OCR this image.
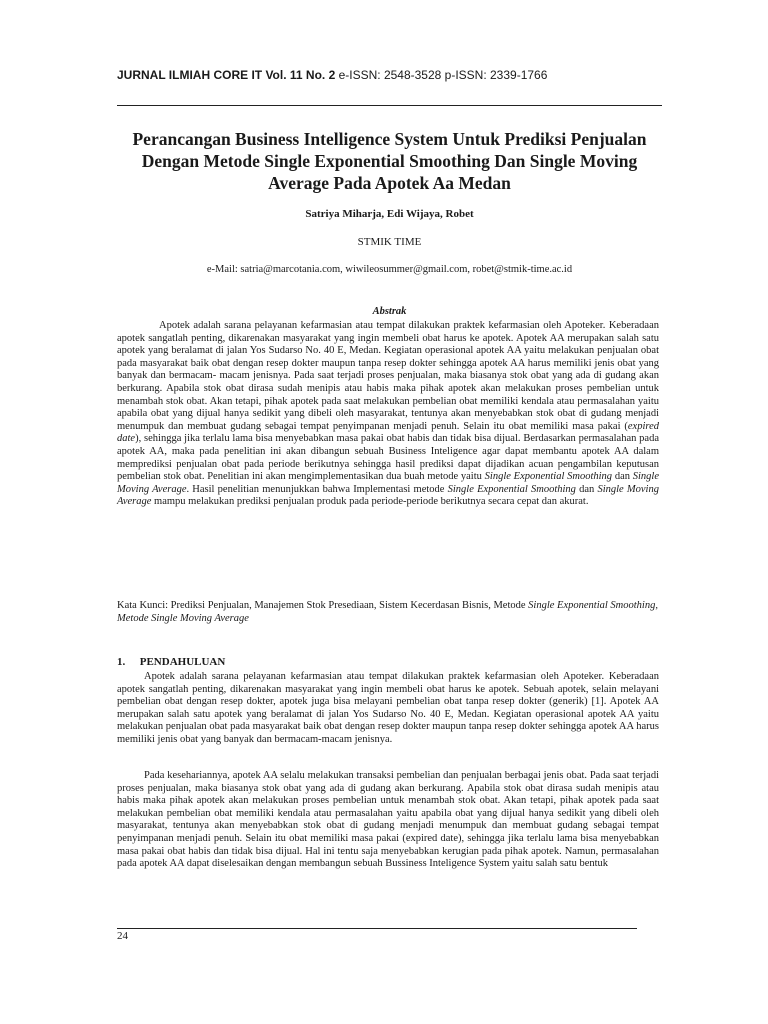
JURNAL ILMIAH CORE IT Vol. 11 No. 2 e-ISSN: 2548-3528 p-ISSN: 2339-1766
Perancangan Business Intelligence System Untuk Prediksi Penjualan Dengan Metode Single Exponential Smoothing Dan Single Moving Average Pada Apotek Aa Medan
Satriya Miharja, Edi Wijaya, Robet
STMIK TIME
e-Mail: satria@marcotania.com, wiwileosummer@gmail.com, robet@stmik-time.ac.id
Abstrak

Apotek adalah sarana pelayanan kefarmasian atau tempat dilakukan praktek kefarmasian oleh Apoteker. Keberadaan apotek sangatlah penting, dikarenakan masyarakat yang ingin membeli obat harus ke apotek. Apotek AA merupakan salah satu apotek yang beralamat di jalan Yos Sudarso No. 40 E, Medan. Kegiatan operasional apotek AA yaitu melakukan penjualan obat pada masyarakat baik obat dengan resep dokter maupun tanpa resep dokter sehingga apotek AA harus memiliki jenis obat yang banyak dan bermacam- macam jenisnya. Pada saat terjadi proses penjualan, maka biasanya stok obat yang ada di gudang akan berkurang. Apabila stok obat dirasa sudah menipis atau habis maka pihak apotek akan melakukan proses pembelian untuk menambah stok obat. Akan tetapi, pihak apotek pada saat melakukan pembelian obat memiliki kendala atau permasalahan yaitu apabila obat yang dijual hanya sedikit yang dibeli oleh masyarakat, tentunya akan menyebabkan stok obat di gudang menjadi menumpuk dan membuat gudang sebagai tempat penyimpanan menjadi penuh. Selain itu obat memiliki masa pakai (expired date), sehingga jika terlalu lama bisa menyebabkan masa pakai obat habis dan tidak bisa dijual. Berdasarkan permasalahan pada apotek AA, maka pada penelitian ini akan dibangun sebuah Business Inteligence agar dapat membantu apotek AA dalam memprediksi penjualan obat pada periode berikutnya sehingga hasil prediksi dapat dijadikan acuan pengambilan keputusan pembelian stok obat. Penelitian ini akan mengimplementasikan dua buah metode yaitu Single Exponential Smoothing dan Single Moving Average. Hasil penelitian menunjukkan bahwa Implementasi metode Single Exponential Smoothing dan Single Moving Average mampu melakukan prediksi penjualan produk pada periode-periode berikutnya secara cepat dan akurat.

Kata Kunci: Prediksi Penjualan, Manajemen Stok Presediaan, Sistem Kecerdasan Bisnis, Metode Single Exponential Smoothing, Metode Single Moving Average

1. PENDAHULUAN

Apotek adalah sarana pelayanan kefarmasian atau tempat dilakukan praktek kefarmasian oleh Apoteker. Keberadaan apotek sangatlah penting, dikarenakan masyarakat yang ingin membeli obat harus ke apotek. Sebuah apotek, selain melayani pembelian obat dengan resep dokter, apotek juga bisa melayani pembelian obat tanpa resep dokter (generik) [1]. Apotek AA merupakan salah satu apotek yang beralamat di jalan Yos Sudarso No. 40 E, Medan. Kegiatan operasional apotek AA yaitu melakukan penjualan obat pada masyarakat baik obat dengan resep dokter maupun tanpa resep dokter sehingga apotek AA harus memiliki jenis obat yang banyak dan bermacam-macam jenisnya.

Pada kesehariannya, apotek AA selalu melakukan transaksi pembelian dan penjualan berbagai jenis obat. Pada saat terjadi proses penjualan, maka biasanya stok obat yang ada di gudang akan berkurang. Apabila stok obat dirasa sudah menipis atau habis maka pihak apotek akan melakukan proses pembelian untuk menambah stok obat. Akan tetapi, pihak apotek pada saat melakukan pembelian obat memiliki kendala atau permasalahan yaitu apabila obat yang dijual hanya sedikit yang dibeli oleh masyarakat, tentunya akan menyebabkan stok obat di gudang menjadi menumpuk dan membuat gudang sebagai tempat penyimpanan menjadi penuh. Selain itu obat memiliki masa pakai (expired date), sehingga jika terlalu lama bisa menyebabkan masa pakai obat habis dan tidak bisa dijual. Hal ini tentu saja menyebabkan kerugian pada pihak apotek. Namun, permasalahan pada apotek AA dapat diselesaikan dengan membangun sebuah Bussiness Inteligence System yaitu salah satu bentuk

24
